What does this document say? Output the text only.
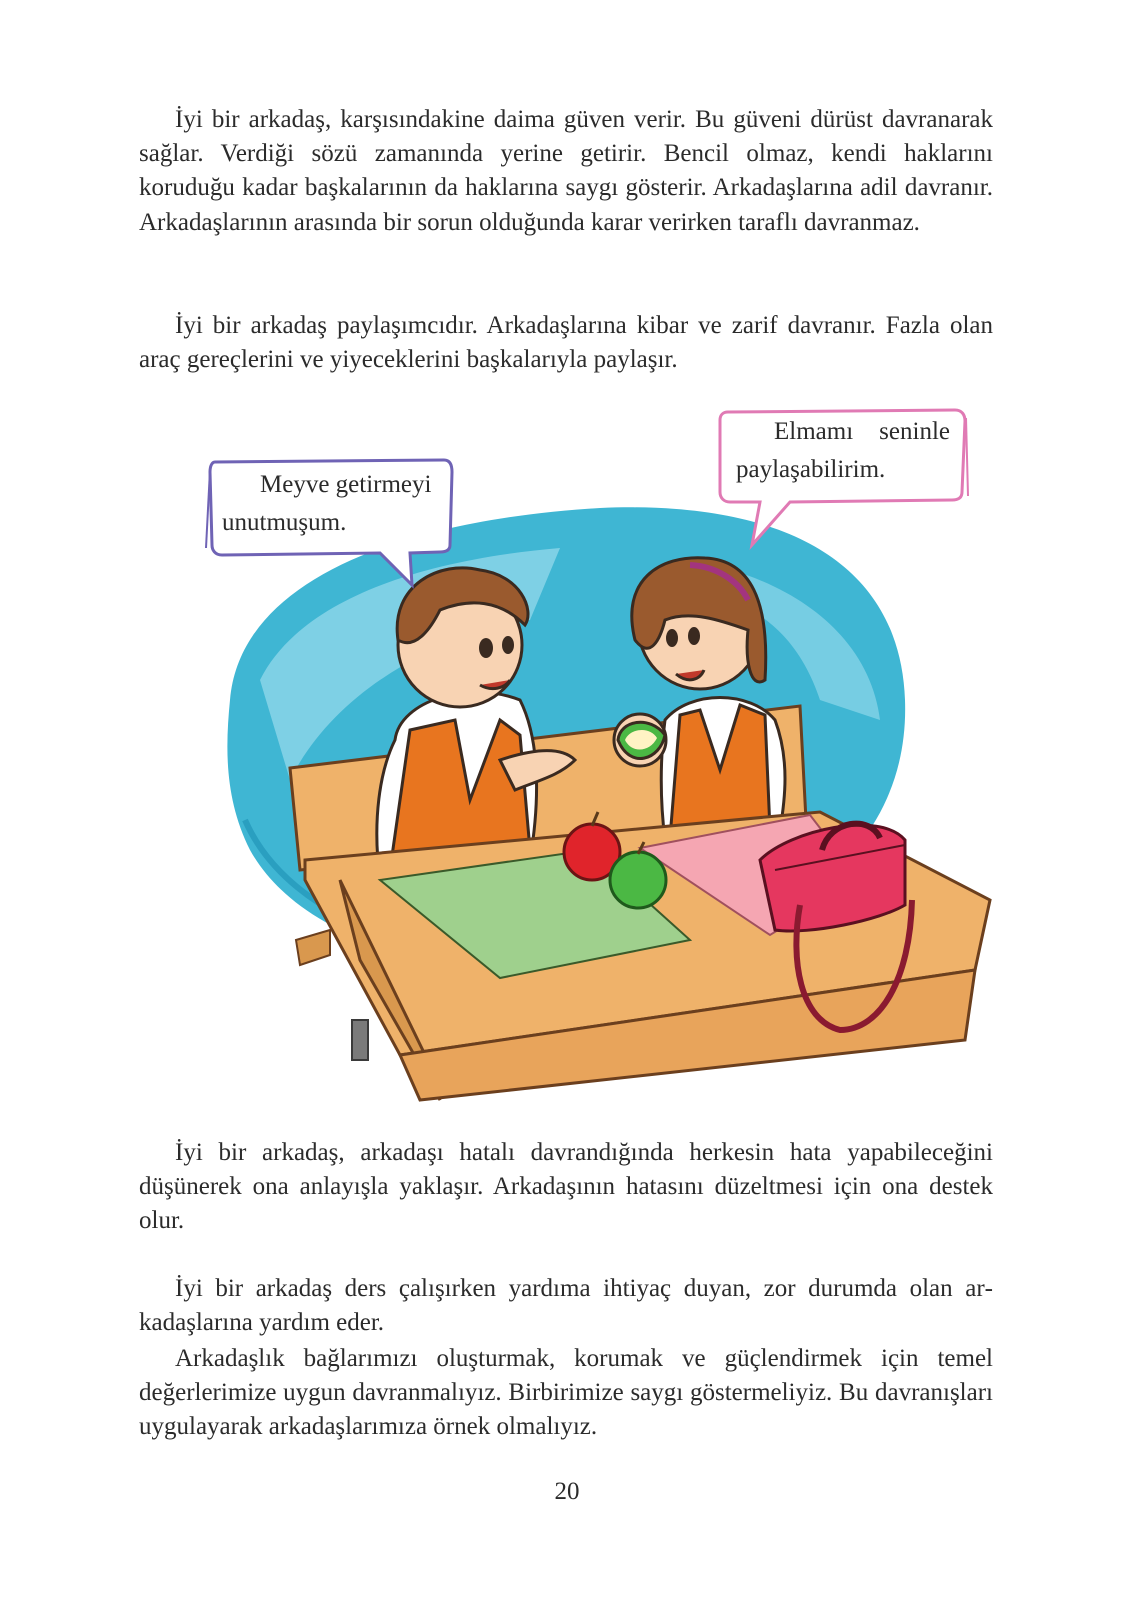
İyi bir arkadaş, karşısındakine daima güven verir. Bu güveni dürüst davranarak sağlar. Verdiği sözü zamanında yerine getirir. Bencil olmaz, kendi haklarını koruduğu kadar başkalarının da haklarına saygı gösterir. Arkadaşlarına adil davranır. Arkadaşlarının arasında bir sorun olduğunda karar verirken taraflı davranmaz.

İyi bir arkadaş paylaşımcıdır. Arkadaşlarına kibar ve zarif davranır. Fazla olan araç gereçlerini ve yiyeceklerini başkalarıyla paylaşır.

Meyve getirmeyi unutmuşum.

Elmamı seninle paylaşabilirim.

İyi bir arkadaş, arkadaşı hatalı davrandığında herkesin hata yapabileceğini düşünerek ona anlayışla yaklaşır. Arkadaşının hatasını düzeltmesi için ona destek olur.

İyi bir arkadaş ders çalışırken yardıma ihtiyaç duyan, zor durumda olan arkadaşlarına yardım eder.

Arkadaşlık bağlarımızı oluşturmak, korumak ve güçlendirmek için temel değerlerimize uygun davranmalıyız. Birbirimize saygı göstermeliyiz. Bu davranışları uygulayarak arkadaşlarımıza örnek olmalıyız.

20
